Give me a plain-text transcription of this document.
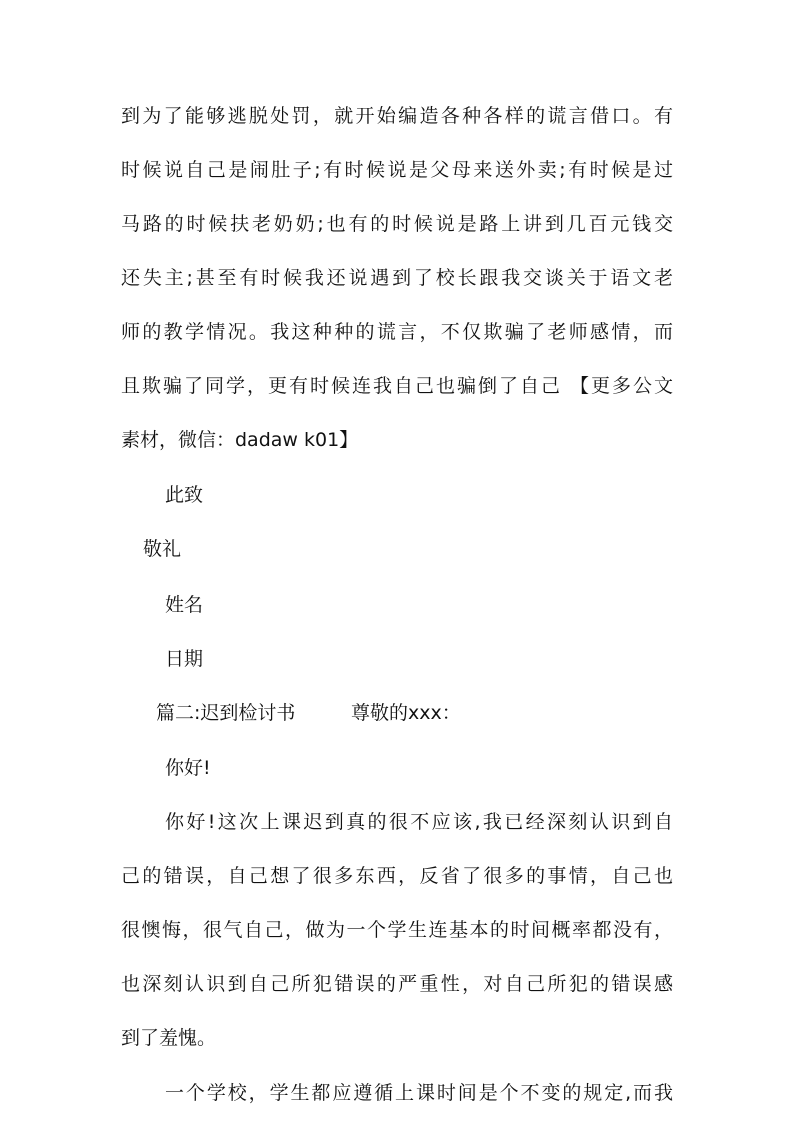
到为了能够逃脱处罚，就开始编造各种各样的谎言借口。有
时候说自己是闹肚子;有时候说是父母来送外卖;有时候是过
马路的时候扶老奶奶;也有的时候说是路上讲到几百元钱交
还失主;甚至有时候我还说遇到了校长跟我交谈关于语文老
师的教学情况。我这种种的谎言，不仅欺骗了老师感情，而
且欺骗了同学，更有时候连我自己也骗倒了自己 【更多公文
素材，微信：dadaw k01】
此致
敬礼
姓名
日期
篇二:迟到检讨书	尊敬的xxx：
你好!
你好!这次上课迟到真的很不应该,我已经深刻认识到自
己的错误，自己想了很多东西，反省了很多的事情，自己也
很懊悔，很气自己，做为一个学生连基本的时间概率都没有，
也深刻认识到自己所犯错误的严重性，对自己所犯的错误感
到了羞愧。
一个学校，学生都应遵循上课时间是个不变的规定,而我
